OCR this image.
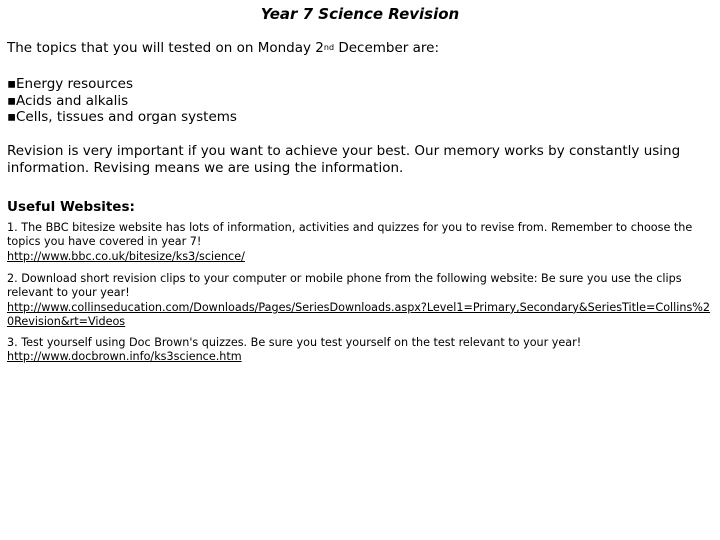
Year 7 Science Revision
The topics that you will tested on on Monday 2nd December are:
▪Energy resources
▪Acids and alkalis
▪Cells, tissues and organ systems
Revision is very important if you want to achieve your best. Our memory works by constantly using information. Revising means we are using the information.
Useful Websites:
1. The BBC bitesize website has lots of information, activities and quizzes for you to revise from. Remember to choose the topics you have covered in year 7!
http://www.bbc.co.uk/bitesize/ks3/science/
2. Download short revision clips to your computer or mobile phone from the following website: Be sure you use the clips relevant to your year!
http://www.collinseducation.com/Downloads/Pages/SeriesDownloads.aspx?Level1=Primary,Secondary&SeriesTitle=Collins%20Revision&rt=Videos
3. Test yourself using Doc Brown's quizzes. Be sure you test yourself on the test relevant to your year!
http://www.docbrown.info/ks3science.htm
